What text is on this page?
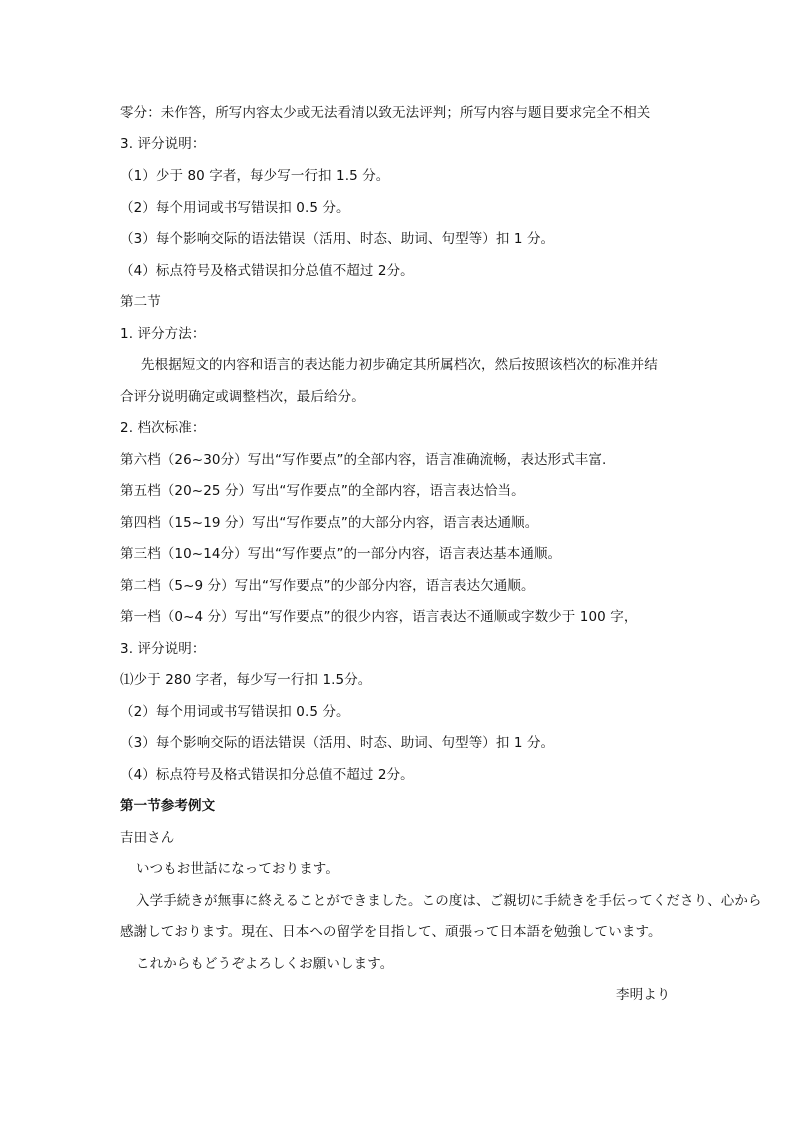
零分：未作答，所写内容太少或无法看清以致无法评判；所写内容与题目要求完全不相关
3. 评分说明：
（1）少于 80 字者，每少写一行扣 1.5 分。
（2）每个用词或书写错误扣 0.5 分。
（3）每个影响交际的语法错误（活用、时态、助词、句型等）扣 1 分。
（4）标点符号及格式错误扣分总值不超过 2分。
第二节
1. 评分方法：
先根据短文的内容和语言的表达能力初步确定其所属档次，然后按照该档次的标准并结
合评分说明确定或调整档次，最后给分。
2. 档次标准：
第六档（26~30分）写出“写作要点”的全部内容，语言准确流畅，表达形式丰富.
第五档（20~25 分）写出“写作要点”的全部内容，语言表达恰当。
第四档（15~19 分）写出“写作要点”的大部分内容，语言表达通顺。
第三档（10~14分）写出“写作要点”的一部分内容，语言表达基本通顺。
第二档（5~9 分）写出“写作要点”的少部分内容，语言表达欠通顺。
第一档（0~4 分）写出“写作要点”的很少内容，语言表达不通顺或字数少于 100 字，
3. 评分说明：
⑴少于 280 字者，每少写一行扣 1.5分。
（2）每个用词或书写错误扣 0.5 分。
（3）每个影响交际的语法错误（活用、时态、助词、句型等）扣 1 分。
（4）标点符号及格式错误扣分总值不超过 2分。
第一节参考例文
吉田さん
いつもお世話になっております。
入学手続きが無事に終えることができました。この度は、ご親切に手続きを手伝ってくださり、心から
感謝しております。現在、日本への留学を目指して、頑張って日本語を勉強しています。
これからもどうぞよろしくお願いします。
李明より
